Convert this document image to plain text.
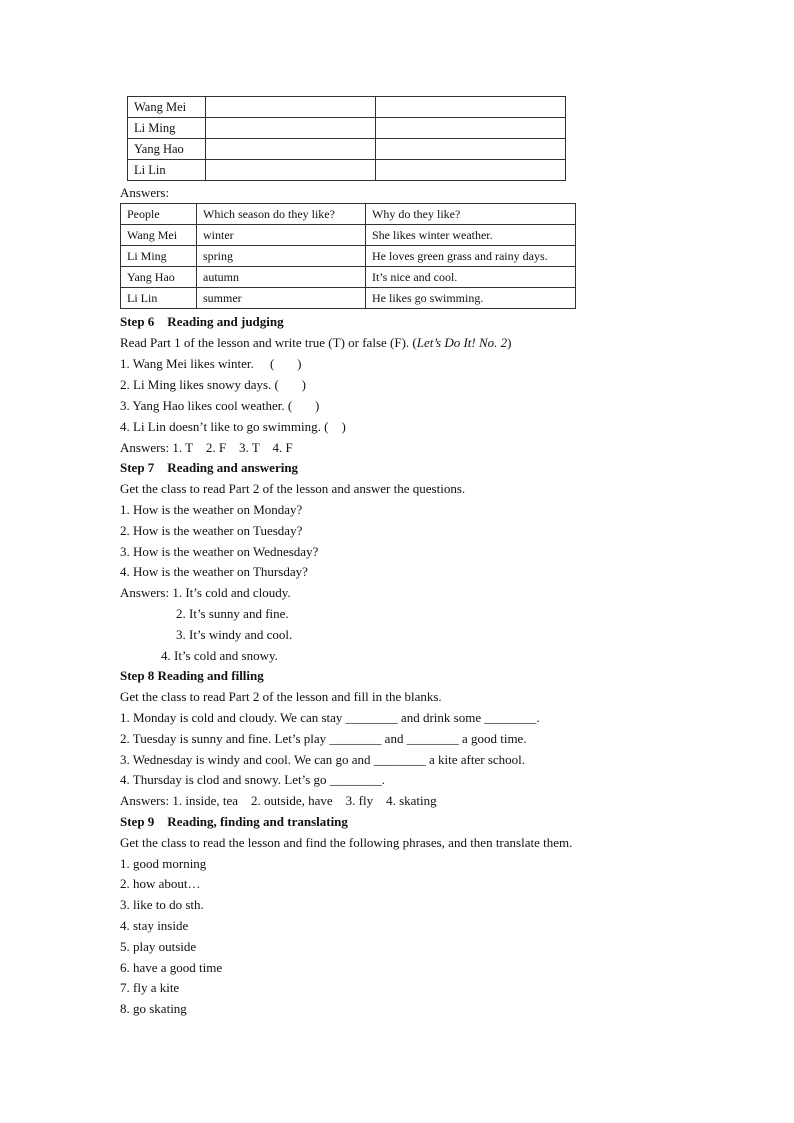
Wang Mei		
Li Ming		
Yang Hao		
Li Lin		
Answers:
People	Which season do they like?	Why do they like?
Wang Mei	winter	She likes winter weather.
Li Ming	spring	He loves green grass and rainy days.
Yang Hao	autumn	It’s nice and cool.
Li Lin	summer	He likes go swimming.
Step 6    Reading and judging
Read Part 1 of the lesson and write true (T) or false (F). (Let’s Do It! No. 2)
1. Wang Mei likes winter.     (       )
2. Li Ming likes snowy days. (       )
3. Yang Hao likes cool weather. (       )
4. Li Lin doesn’t like to go swimming. (    )
Answers: 1. T    2. F    3. T    4. F
Step 7    Reading and answering
Get the class to read Part 2 of the lesson and answer the questions.
1. How is the weather on Monday?
2. How is the weather on Tuesday?
3. How is the weather on Wednesday?
4. How is the weather on Thursday?
Answers: 1. It’s cold and cloudy.
2. It’s sunny and fine.
3. It’s windy and cool.
4. It’s cold and snowy.
Step 8 Reading and filling
Get the class to read Part 2 of the lesson and fill in the blanks.
1. Monday is cold and cloudy. We can stay ________ and drink some ________.
2. Tuesday is sunny and fine. Let’s play ________ and ________ a good time.
3. Wednesday is windy and cool. We can go and ________ a kite after school.
4. Thursday is clod and snowy. Let’s go ________.
Answers: 1. inside, tea    2. outside, have    3. fly    4. skating
Step 9    Reading, finding and translating
Get the class to read the lesson and find the following phrases, and then translate them.
1. good morning
2. how about…
3. like to do sth.
4. stay inside
5. play outside
6. have a good time
7. fly a kite
8. go skating
